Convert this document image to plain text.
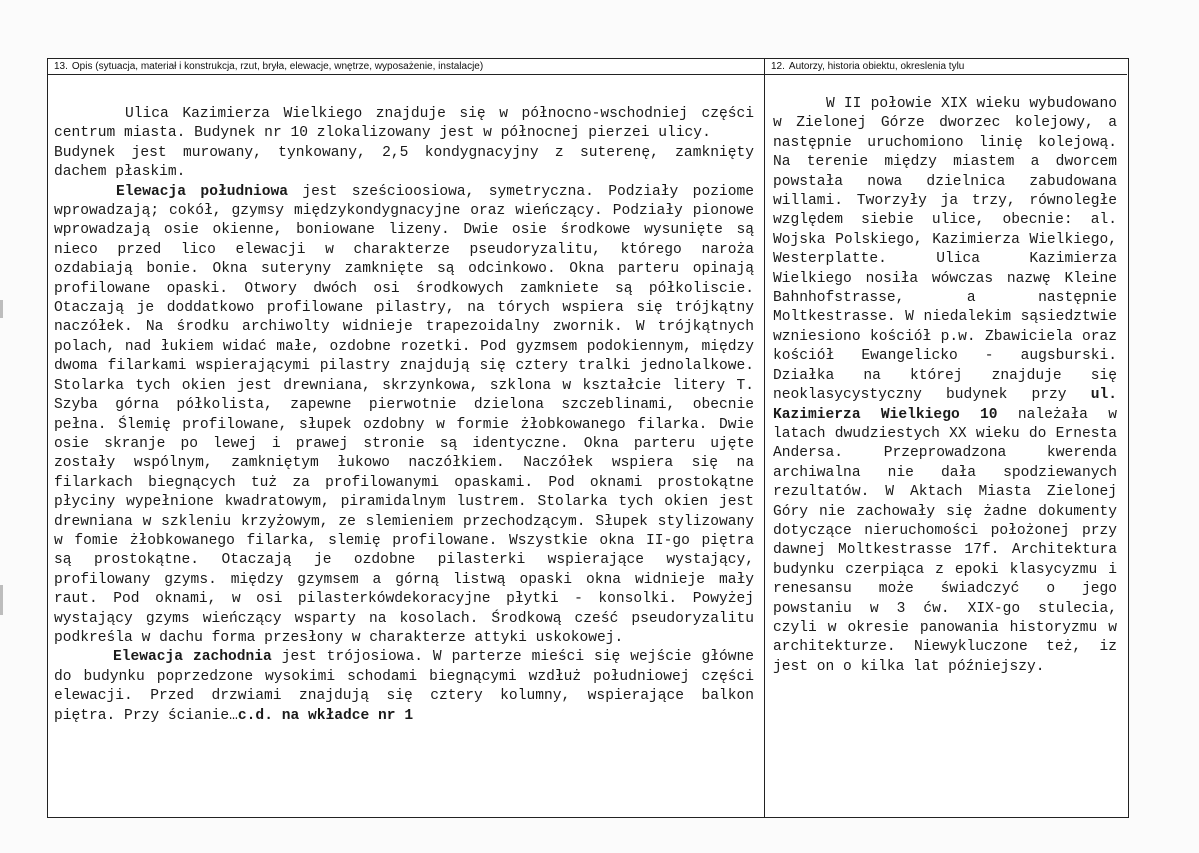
13. Opis (sytuacja, materiał i konstrukcja, rzut, bryła, elewacje, wnętrze, wyposażenie, instalacje)

Ulica Kazimierza Wielkiego znajduje się w północno-wschodniej części centrum miasta. Budynek nr 10 zlokalizowany jest w północnej pierzei ulicy.

Budynek jest murowany, tynkowany, 2,5 kondygnacyjny z suterenę, zamknięty dachem płaskim.

Elewacja południowa jest sześcioosiowa, symetryczna. Podziały poziome wprowadzają; cokół, gzymsy międzykondygnacyjne oraz wieńczący. Podziały pionowe wprowadzają osie okienne, boniowane lizeny. Dwie osie środkowe wysunięte są nieco przed lico elewacji w charakterze pseudoryzalitu, którego naroża ozdabiają bonie. Okna suteryny zamknięte są odcinkowo. Okna parteru opinają profilowane opaski. Otwory dwóch osi środkowych zamkniete są półkoliscie. Otaczają je doddatkowo profilowane pilastry, na tórych wspiera się trójkątny naczółek. Na środku archiwolty widnieje trapezoidalny zwornik. W trójkątnych polach, nad łukiem widać małe, ozdobne rozetki. Pod gyzmsem podokiennym, między dwoma filarkami wspierającymi pilastry znajdują się cztery tralki jednolalkowe. Stolarka tych okien jest drewniana, skrzynkowa, szklona w kształcie litery T. Szyba górna półkolista, zapewne pierwotnie dzielona szczeblinami, obecnie pełna. Ślemię profilowane, słupek ozdobny w formie żłobkowanego filarka. Dwie osie skranje po lewej i prawej stronie są identyczne. Okna parteru ujęte zostały wspólnym, zamkniętym łukowo naczółkiem. Naczółek wspiera się na filarkach biegnących tuż za profilowanymi opaskami. Pod oknami prostokątne płyciny wypełnione kwadratowym, piramidalnym lustrem. Stolarka tych okien jest drewniana w szkleniu krzyżowym, ze slemieniem przechodzącym. Słupek stylizowany w fomie żłobkowanego filarka, slemię profilowane. Wszystkie okna II-go piętra są prostokątne. Otaczają je ozdobne pilasterki wspierające wystający, profilowany gzyms. między gzymsem a górną listwą opaski okna widnieje mały raut. Pod oknami, w osi pilasterkówdekoracyjne płytki - konsolki. Powyżej wystający gzyms wieńczący wsparty na kosolach. Środkową cześć pseudoryzalitu podkreśla w dachu forma przesłony w charakterze attyki uskokowej.

Elewacja zachodnia jest trójosiowa. W parterze mieści się wejście główne do budynku poprzedzone wysokimi schodami biegnącymi wzdłuż południowej części elewacji. Przed drzwiami znajdują się cztery kolumny, wspierające balkon piętra. Przy ścianie…c.d. na wkładce nr 1

12. Autorzy, historia obiektu, okreslenia tylu

W II połowie XIX wieku wybudowano w Zielonej Górze dworzec kolejowy, a następnie uruchomiono linię kolejową. Na terenie między miastem a dworcem powstała nowa dzielnica zabudowana willami. Tworzyły ja trzy, równoległe względem siebie ulice, obecnie: al. Wojska Polskiego, Kazimierza Wielkiego, Westerplatte. Ulica Kazimierza Wielkiego nosiła wówczas nazwę Kleine Bahnhofstrasse, a następnie Moltkestrasse. W niedalekim sąsiedztwie wzniesiono kościół p.w. Zbawiciela oraz kościół Ewangelicko - augsburski. Działka na której znajduje się neoklasycystyczny budynek przy ul. Kazimierza Wielkiego 10 należała w latach dwudziestych XX wieku do Ernesta Andersa. Przeprowadzona kwerenda archiwalna nie dała spodziewanych rezultatów. W Aktach Miasta Zielonej Góry nie zachowały się żadne dokumenty dotyczące nieruchomości położonej przy dawnej Moltkestrasse 17f. Architektura budynku czerpiąca z epoki klasycyzmu i renesansu może świadczyć o jego powstaniu w 3 ćw. XIX-go stulecia, czyli w okresie panowania historyzmu w architekturze. Niewykluczone też, iz jest on o kilka lat późniejszy.
